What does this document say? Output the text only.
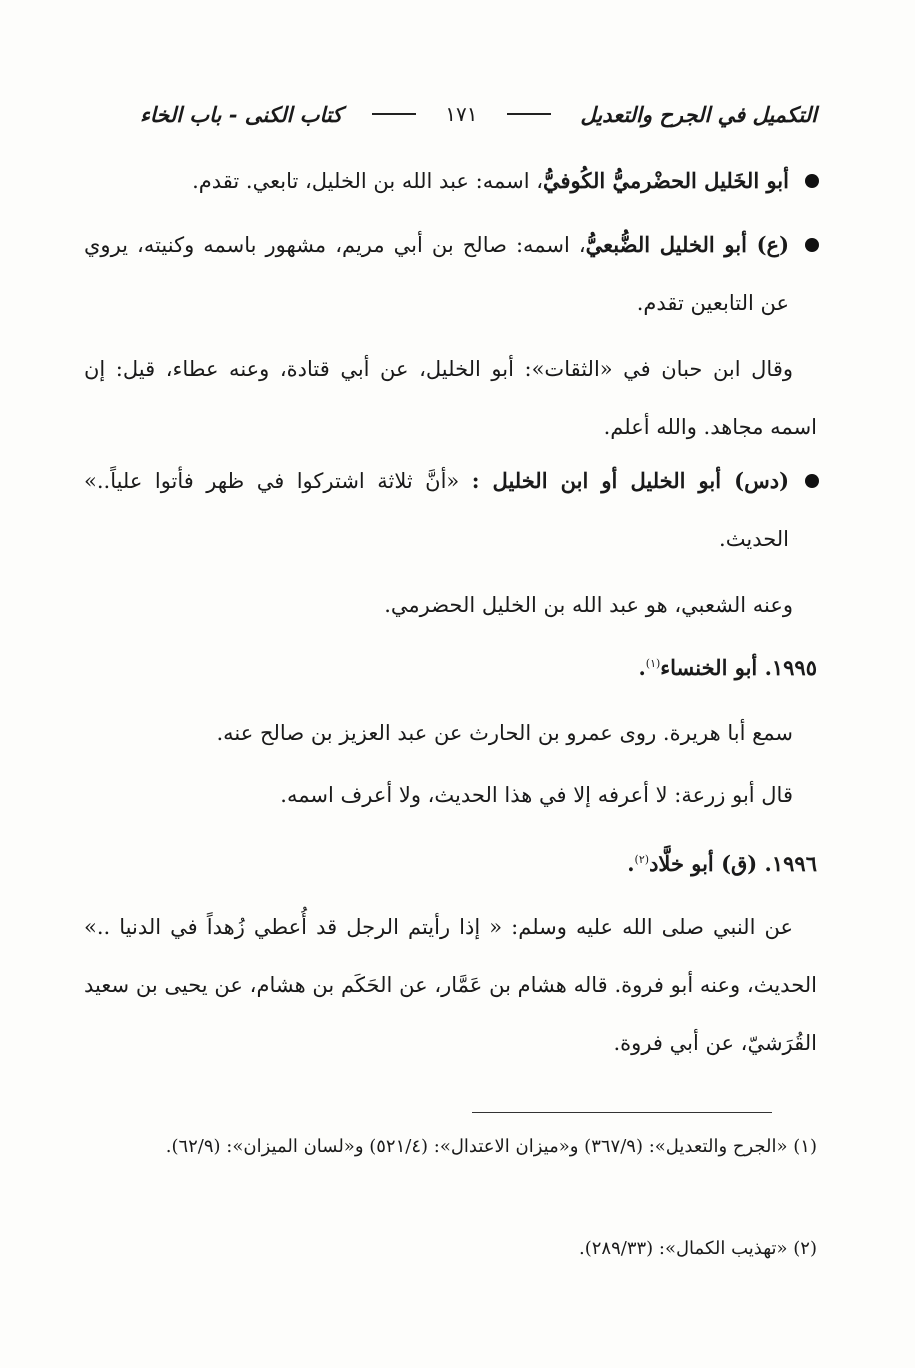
التكميل في الجرح والتعديل
١٧١
كتاب الكنى - باب الخاء
أبو الخَليل الحضْرميُّ الكُوفيُّ، اسمه: عبد الله بن الخليل، تابعي. تقدم.
(ع) أبو الخليل الضُّبعيُّ، اسمه: صالح بن أبي مريم، مشهور باسمه وكنيته، يروي عن التابعين تقدم.
وقال ابن حبان في «الثقات»: أبو الخليل، عن أبي قتادة، وعنه عطاء، قيل: إن اسمه مجاهد. والله أعلم.
(دس) أبو الخليل أو ابن الخليل : «أنَّ ثلاثة اشتركوا في ظهر فأتوا علياً..» الحديث.
وعنه الشعبي، هو عبد الله بن الخليل الحضرمي.
١٩٩٥. أبو الخنساء$^{(١)}$.
سمع أبا هريرة. روى عمرو بن الحارث عن عبد العزيز بن صالح عنه.
قال أبو زرعة: لا أعرفه إلا في هذا الحديث، ولا أعرف اسمه.
١٩٩٦. (ق) أبو خلَّاد$^{(٢)}$.
عن النبي صلى الله عليه وسلم: « إذا رأيتم الرجل قد أُعطي زُهداً في الدنيا ..» الحديث، وعنه أبو فروة. قاله هشام بن عَمَّار، عن الحَكَم بن هشام، عن يحيى بن سعيد القُرَشيّ، عن أبي فروة.
(١) «الجرح والتعديل»: (٣٦٧/٩) و«ميزان الاعتدال»: (٥٢١/٤) و«لسان الميزان»: (٦٢/٩).
(٢) «تهذيب الكمال»: (٢٨٩/٣٣).
